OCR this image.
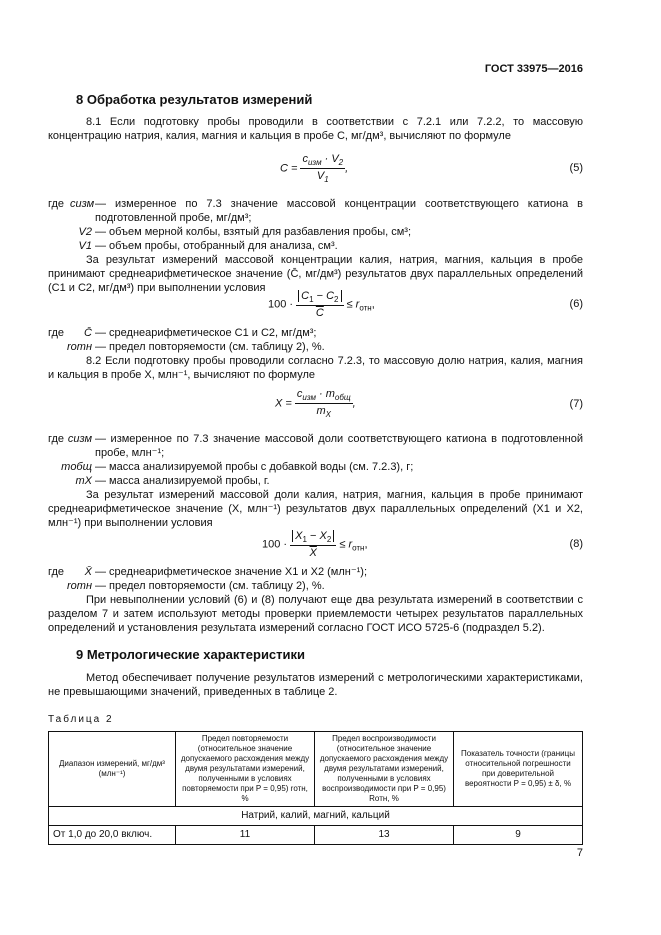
ГОСТ 33975—2016
8 Обработка результатов измерений
8.1 Если подготовку пробы проводили в соответствии с 7.2.1 или 7.2.2, то массовую концентрацию натрия, калия, магния и кальция в пробе C, мг/дм³, вычисляют по формуле
$C = \frac{c_{изм} \cdot V_2}{V_1}$ ,	(5)
где cизм — измеренное по 7.3 значение массовой концентрации соответствующего катиона в подготовленной пробе, мг/дм³;
V2 — объем мерной колбы, взятый для разбавления пробы, см³;
V1 — объем пробы, отобранный для анализа, см³.
За результат измерений массовой концентрации калия, натрия, магния, кальция в пробе принимают среднеарифметическое значение (C̄, мг/дм³) результатов двух параллельных определений (C1 и C2, мг/дм³) при выполнении условия
$100 \cdot \frac{C_1 - C_2}{C} \le r_{отн}$,	(6)
где	C̄ — среднеарифметическое C1 и C2, мг/дм³;
rотн — предел повторяемости (см. таблицу 2), %.
8.2 Если подготовку пробы проводили согласно 7.2.3, то массовую долю натрия, калия, магния и кальция в пробе X, млн⁻¹, вычисляют по формуле
$X = \frac{c_{изм} \cdot m_{общ}}{m_X}$ ,	(7)
где cизм — измеренное по 7.3 значение массовой доли соответствующего катиона в подготовленной пробе, млн⁻¹;
mобщ — масса анализируемой пробы с добавкой воды (см. 7.2.3), г;
mX — масса анализируемой пробы, г.
За результат измерений массовой доли калия, натрия, магния, кальция в пробе принимают среднеарифметическое значение (X, млн⁻¹) результатов двух параллельных определений (X1 и X2, млн⁻¹) при выполнении условия
$100 \cdot \frac{X_1 - X_2}{X} \le r_{отн}$,	(8)
где	X̄ — среднеарифметическое значение X1 и X2 (млн⁻¹);
rотн — предел повторяемости (см. таблицу 2), %.
При невыполнении условий (6) и (8) получают еще два результата измерений в соответствии с разделом 7 и затем используют методы проверки приемлемости четырех результатов параллельных определений и установления результата измерений согласно ГОСТ ИСО 5725-6 (подраздел 5.2).
9 Метрологические характеристики
Метод обеспечивает получение результатов измерений с метрологическими характеристиками, не превышающими значений, приведенных в таблице 2.
Таблица 2
Диапазон измерений, мг/дм³ (млн⁻¹)	Предел повторяемости (относительное значение допускаемого расхождения между двумя результатами измерений, полученными в условиях повторяемости при P = 0,95) rотн, %	Предел воспроизводимости (относительное значение допускаемого расхождения между двумя результатами измерений, полученными в условиях воспроизводимости при P = 0,95) Rотн, %	Показатель точности (границы относительной погрешности при доверительной вероятности P = 0,95) ± δ, %
Натрий, калий, магний, кальций			
От 1,0 до 20,0 включ.	11	13	9
7
